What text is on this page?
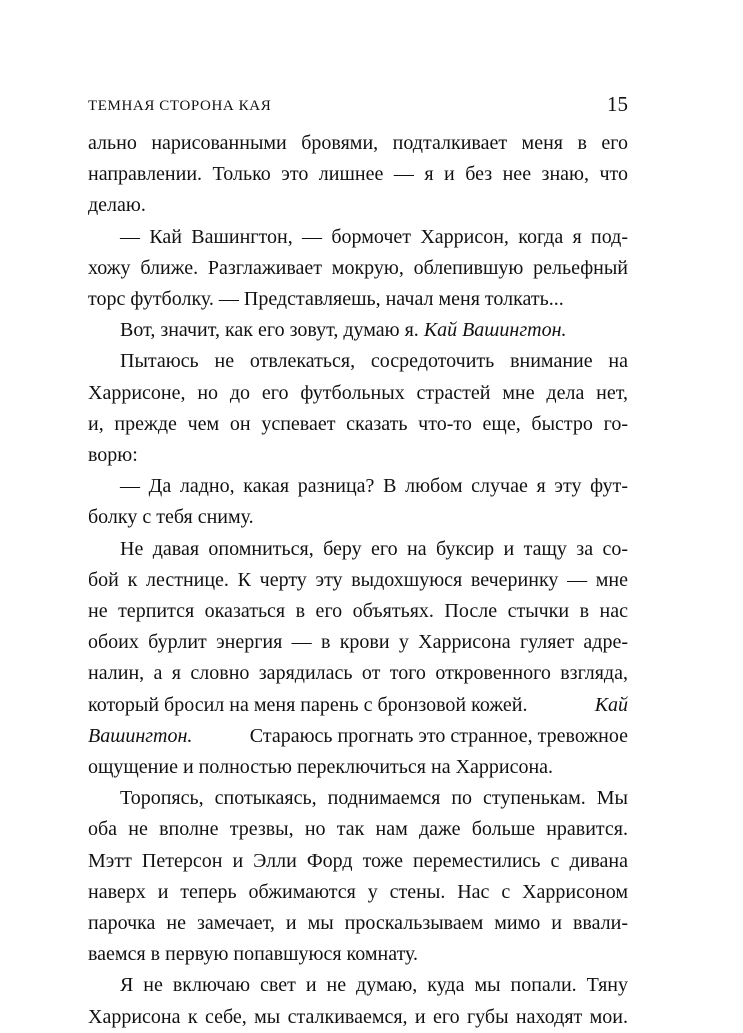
ТЕМНАЯ СТОРОНА КАЯ	15

ально нарисованными бровями, подталкивает меня в его
направлении. Только это лишнее — я и без нее знаю, что
делаю.

— Кай Вашингтон, — бормочет Харрисон, когда я под-
хожу ближе. Разглаживает мокрую, облепившую рельефный
торс футболку. — Представляешь, начал меня толкать...

Вот, значит, как его зовут, думаю я. Кай Вашингтон.

Пытаюсь не отвлекаться, сосредоточить внимание на
Харрисоне, но до его футбольных страстей мне дела нет,
и, прежде чем он успевает сказать что-то еще, быстро го-
ворю:

— Да ладно, какая разница? В любом случае я эту фут-
болку с тебя сниму.

Не давая опомниться, беру его на буксир и тащу за со-
бой к лестнице. К черту эту выдохшуюся вечеринку — мне
не терпится оказаться в его объятьях. После стычки в нас
обоих бурлит энергия — в крови у Харрисона гуляет адре-
налин, а я словно зарядилась от того откровенного взгляда,
который бросил на меня парень с бронзовой кожей.	Кай
Вашингтон.	Стараюсь прогнать это странное, тревожное
ощущение и полностью переключиться на Харрисона.

Торопясь, спотыкаясь, поднимаемся по ступенькам. Мы
оба не вполне трезвы, но так нам даже больше нравится.
Мэтт Петерсон и Элли Форд тоже переместились с дивана
наверх и теперь обжимаются у стены. Нас с Харрисоном
парочка не замечает, и мы проскальзываем мимо и ввали-
ваемся в первую попавшуюся комнату.

Я не включаю свет и не думаю, куда мы попали. Тяну
Харрисона к себе, мы сталкиваемся, и его губы находят мои.
